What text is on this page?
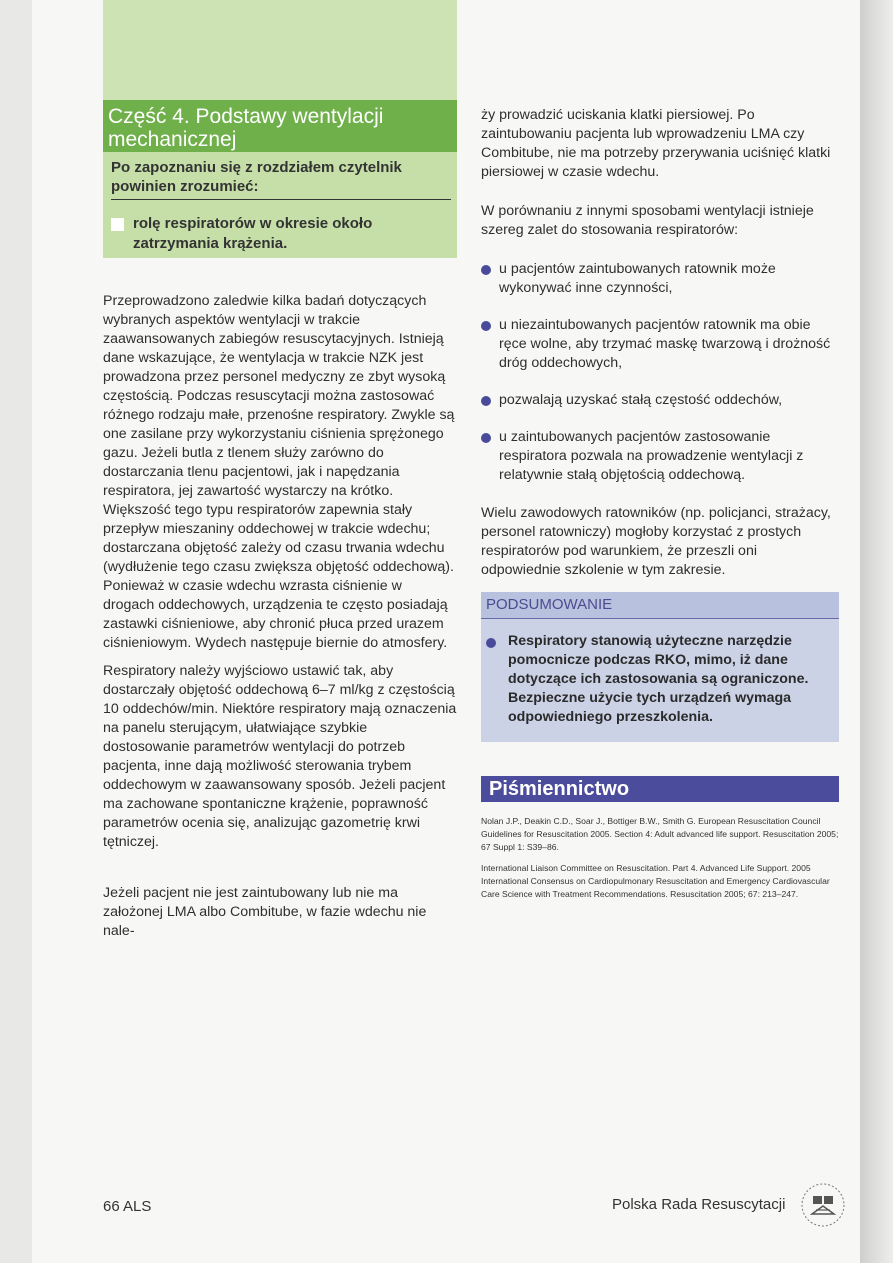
Część 4. Podstawy wentylacji mechanicznej
Po zapoznaniu się z rozdziałem czytelnik powinien zrozumieć:
rolę respiratorów w okresie około zatrzymania krążenia.
Przeprowadzono zaledwie kilka badań dotyczących wybranych aspektów wentylacji w trakcie zaawansowanych zabiegów resuscytacyjnych. Istnieją dane wskazujące, że wentylacja w trakcie NZK jest prowadzona przez personel medyczny ze zbyt wysoką częstością. Podczas resuscytacji można zastosować różnego rodzaju małe, przenośne respiratory. Zwykle są one zasilane przy wykorzystaniu ciśnienia sprężonego gazu. Jeżeli butla z tlenem służy zarówno do dostarczania tlenu pacjentowi, jak i napędzania respiratora, jej zawartość wystarczy na krótko. Większość tego typu respiratorów zapewnia stały przepływ mieszaniny oddechowej w trakcie wdechu; dostarczana objętość zależy od czasu trwania wdechu (wydłużenie tego czasu zwiększa objętość oddechową). Ponieważ w czasie wdechu wzrasta ciśnienie w drogach oddechowych, urządzenia te często posiadają zastawki ciśnieniowe, aby chronić płuca przed urazem ciśnieniowym. Wydech następuje biernie do atmosfery.
Respiratory należy wyjściowo ustawić tak, aby dostarczały objętość oddechową 6–7 ml/kg z częstością 10 oddechów/min. Niektóre respiratory mają oznaczenia na panelu sterującym, ułatwiające szybkie dostosowanie parametrów wentylacji do potrzeb pacjenta, inne dają możliwość sterowania trybem oddechowym w zaawansowany sposób. Jeżeli pacjent ma zachowane spontaniczne krążenie, poprawność parametrów ocenia się, analizując gazometrię krwi tętniczej.
Jeżeli pacjent nie jest zaintubowany lub nie ma założonej LMA albo Combitube, w fazie wdechu nie nale-
ży prowadzić uciskania klatki piersiowej. Po zaintubowaniu pacjenta lub wprowadzeniu LMA czy Combitube, nie ma potrzeby przerywania uciśnięć klatki piersiowej w czasie wdechu.
W porównaniu z innymi sposobami wentylacji istnieje szereg zalet do stosowania respiratorów:
u pacjentów zaintubowanych ratownik może wykonywać inne czynności,
u niezaintubowanych pacjentów ratownik ma obie ręce wolne, aby trzymać maskę twarzową i drożność dróg oddechowych,
pozwalają uzyskać stałą częstość oddechów,
u zaintubowanych pacjentów zastosowanie respiratora pozwala na prowadzenie wentylacji z relatywnie stałą objętością oddechową.
Wielu zawodowych ratowników (np. policjanci, strażacy, personel ratowniczy) mogłoby korzystać z prostych respiratorów pod warunkiem, że przeszli oni odpowiednie szkolenie w tym zakresie.
PODSUMOWANIE
Respiratory stanowią użyteczne narzędzie pomocnicze podczas RKO, mimo, iż dane dotyczące ich zastosowania są ograniczone. Bezpieczne użycie tych urządzeń wymaga odpowiedniego przeszkolenia.
Piśmiennictwo

Nolan J.P., Deakin C.D., Soar J., Bottiger B.W., Smith G. European Resuscitation Council Guidelines for Resuscitation 2005. Section 4: Adult advanced life support. Resuscitation 2005; 67 Suppl 1: S39–86.

International Liaison Committee on Resuscitation. Part 4. Advanced Life Support. 2005 International Consensus on Cardiopulmonary Resuscitation and Emergency Cardiovascular Care Science with Treatment Recommendations. Resuscitation 2005; 67: 213–247.

66 ALS	Polska Rada Resuscytacji
